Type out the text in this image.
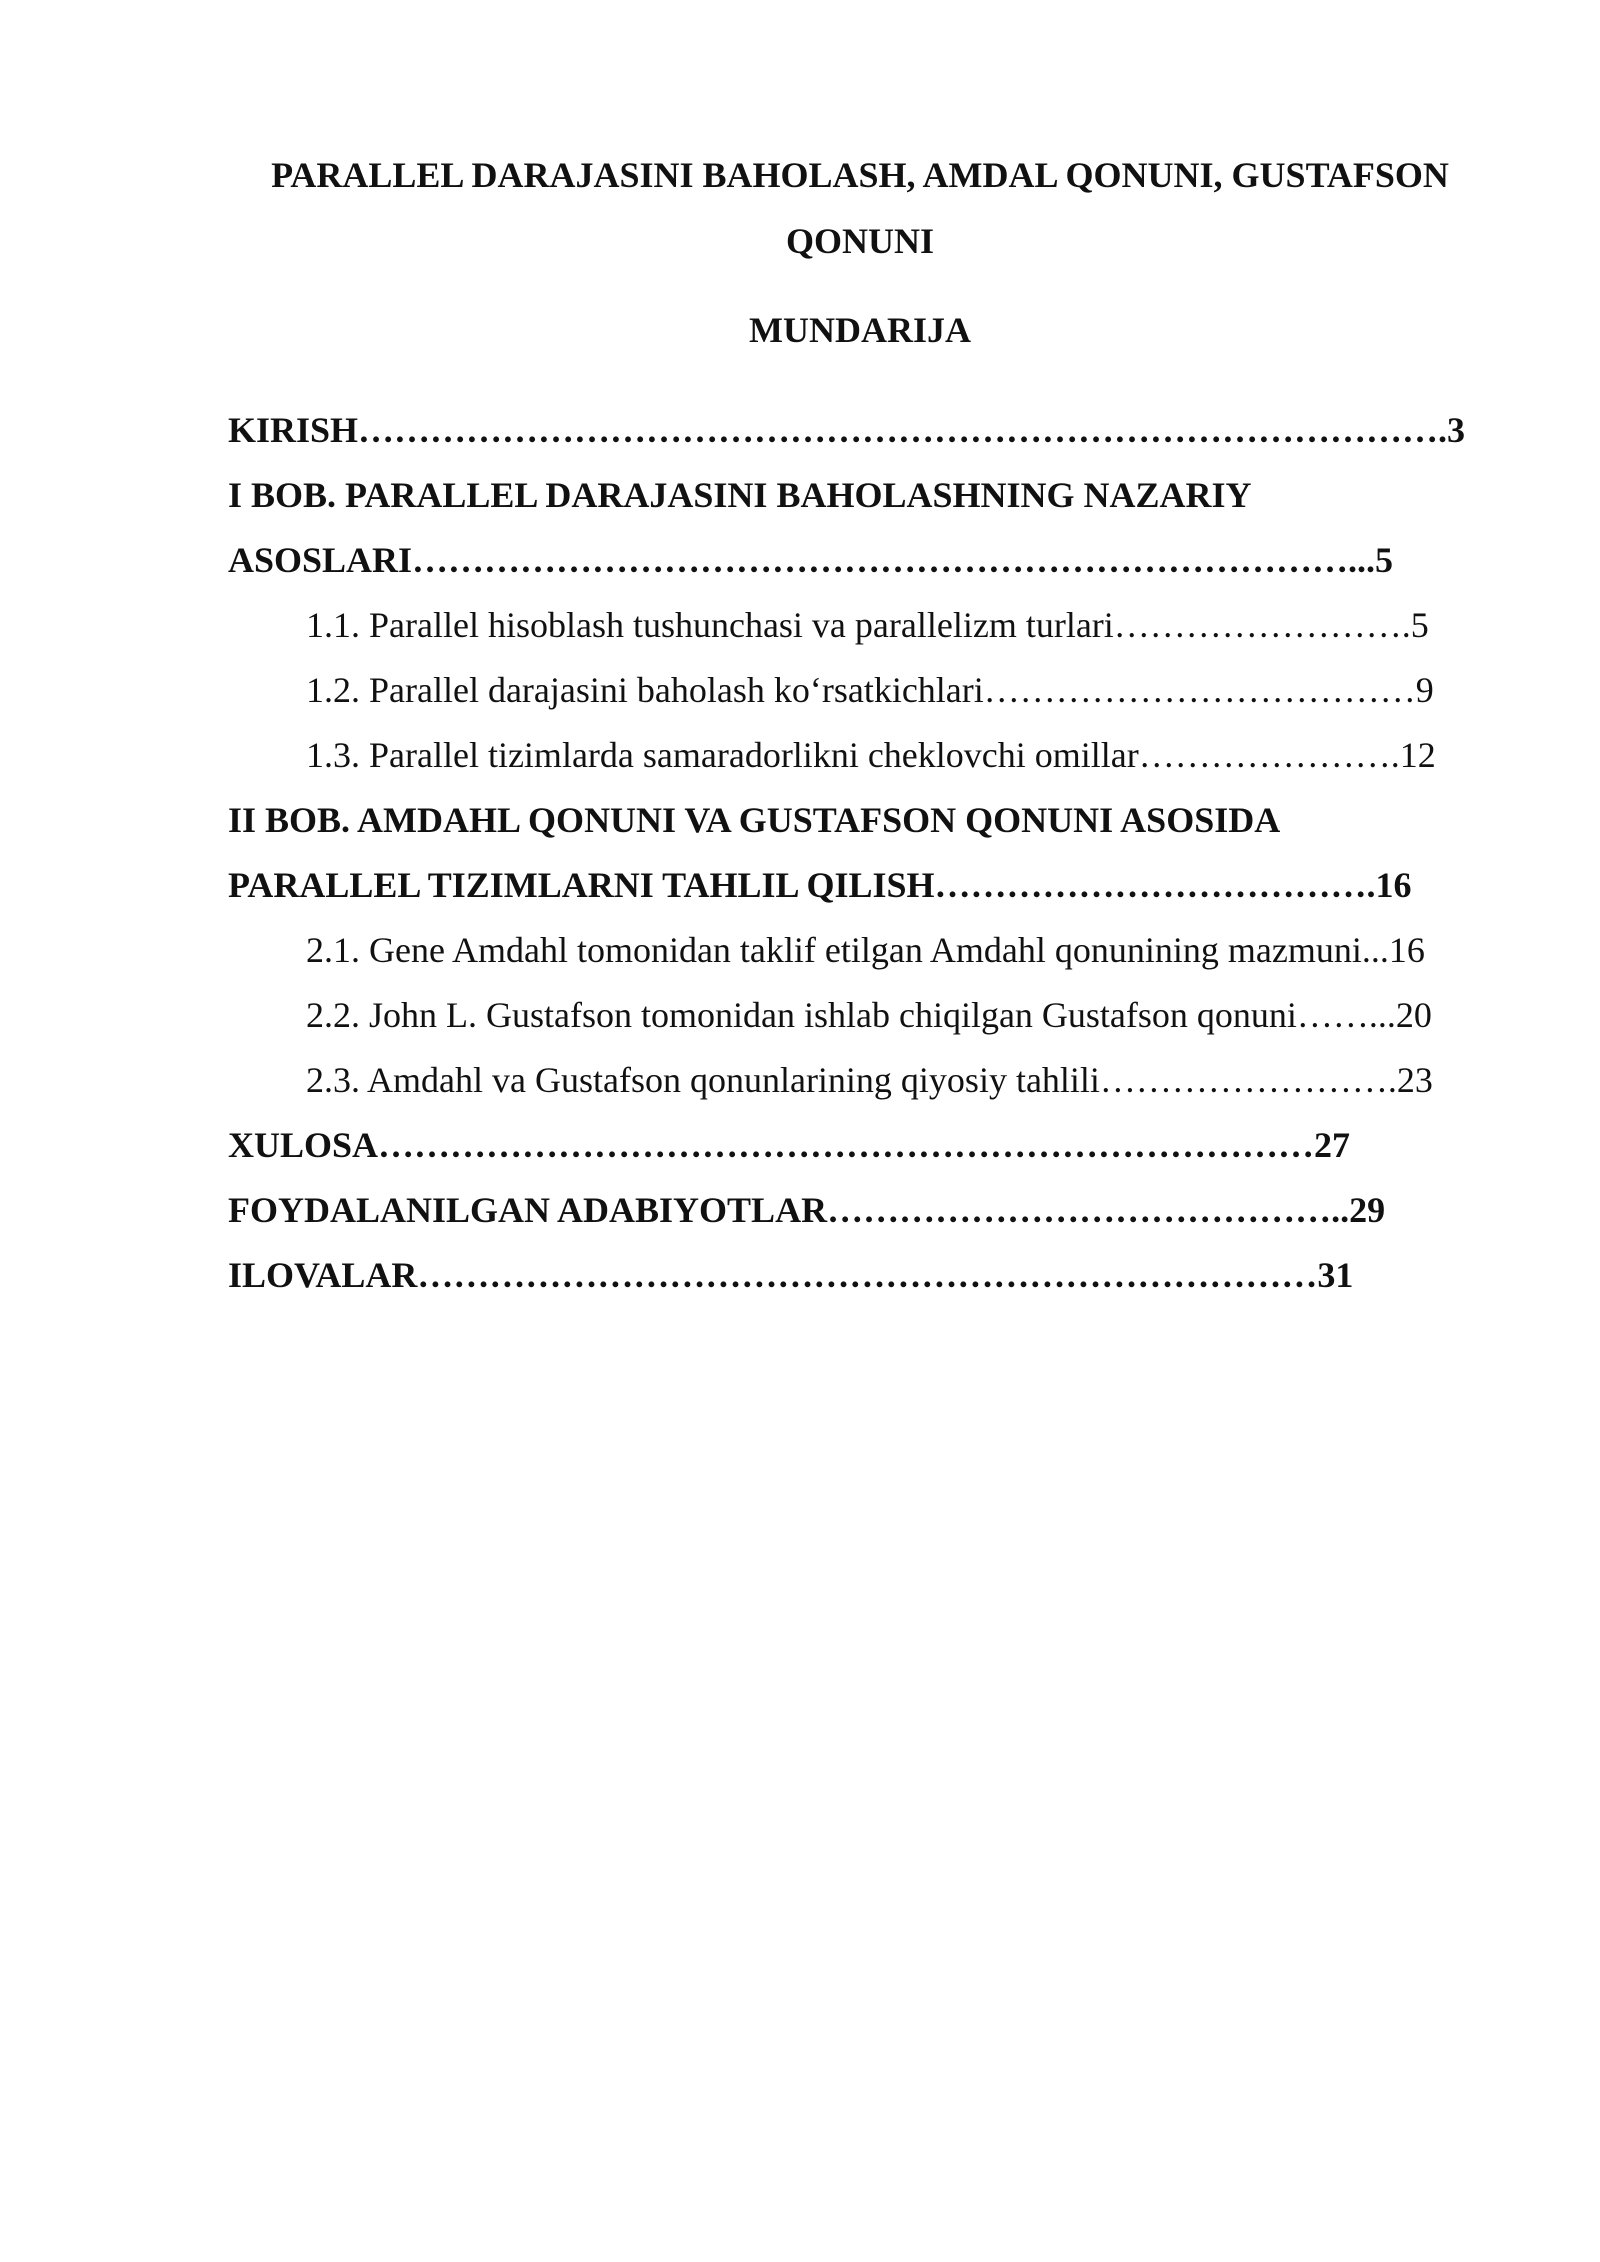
PARALLEL DARAJASINI BAHOLASH, AMDAL QONUNI, GUSTAFSON QONUNI
MUNDARIJA
KIRISH……………………………………………………………………………….3
I BOB. PARALLEL DARAJASINI BAHOLASHNING NAZARIY
ASOSLARI……………………………………………………………………...5
1.1. Parallel hisoblash tushunchasi va parallelizm turlari…………………….5
1.2. Parallel darajasini baholash ko‘rsatkichlari………………………………9
1.3. Parallel tizimlarda samaradorlikni cheklovchi omillar………………….12
II BOB. AMDAHL QONUNI VA GUSTAFSON QONUNI ASOSIDA
PARALLEL TIZIMLARNI TAHLIL QILISH……………………………….16
2.1. Gene Amdahl tomonidan taklif etilgan Amdahl qonunining mazmuni...16
2.2. John L. Gustafson tomonidan ishlab chiqilgan Gustafson qonuni……...20
2.3. Amdahl va Gustafson qonunlarining qiyosiy tahlili…………………….23
XULOSA……………………………………………………………………27
FOYDALANILGAN ADABIYOTLAR……………………………………..29
ILOVALAR…………………………………………………………………31
